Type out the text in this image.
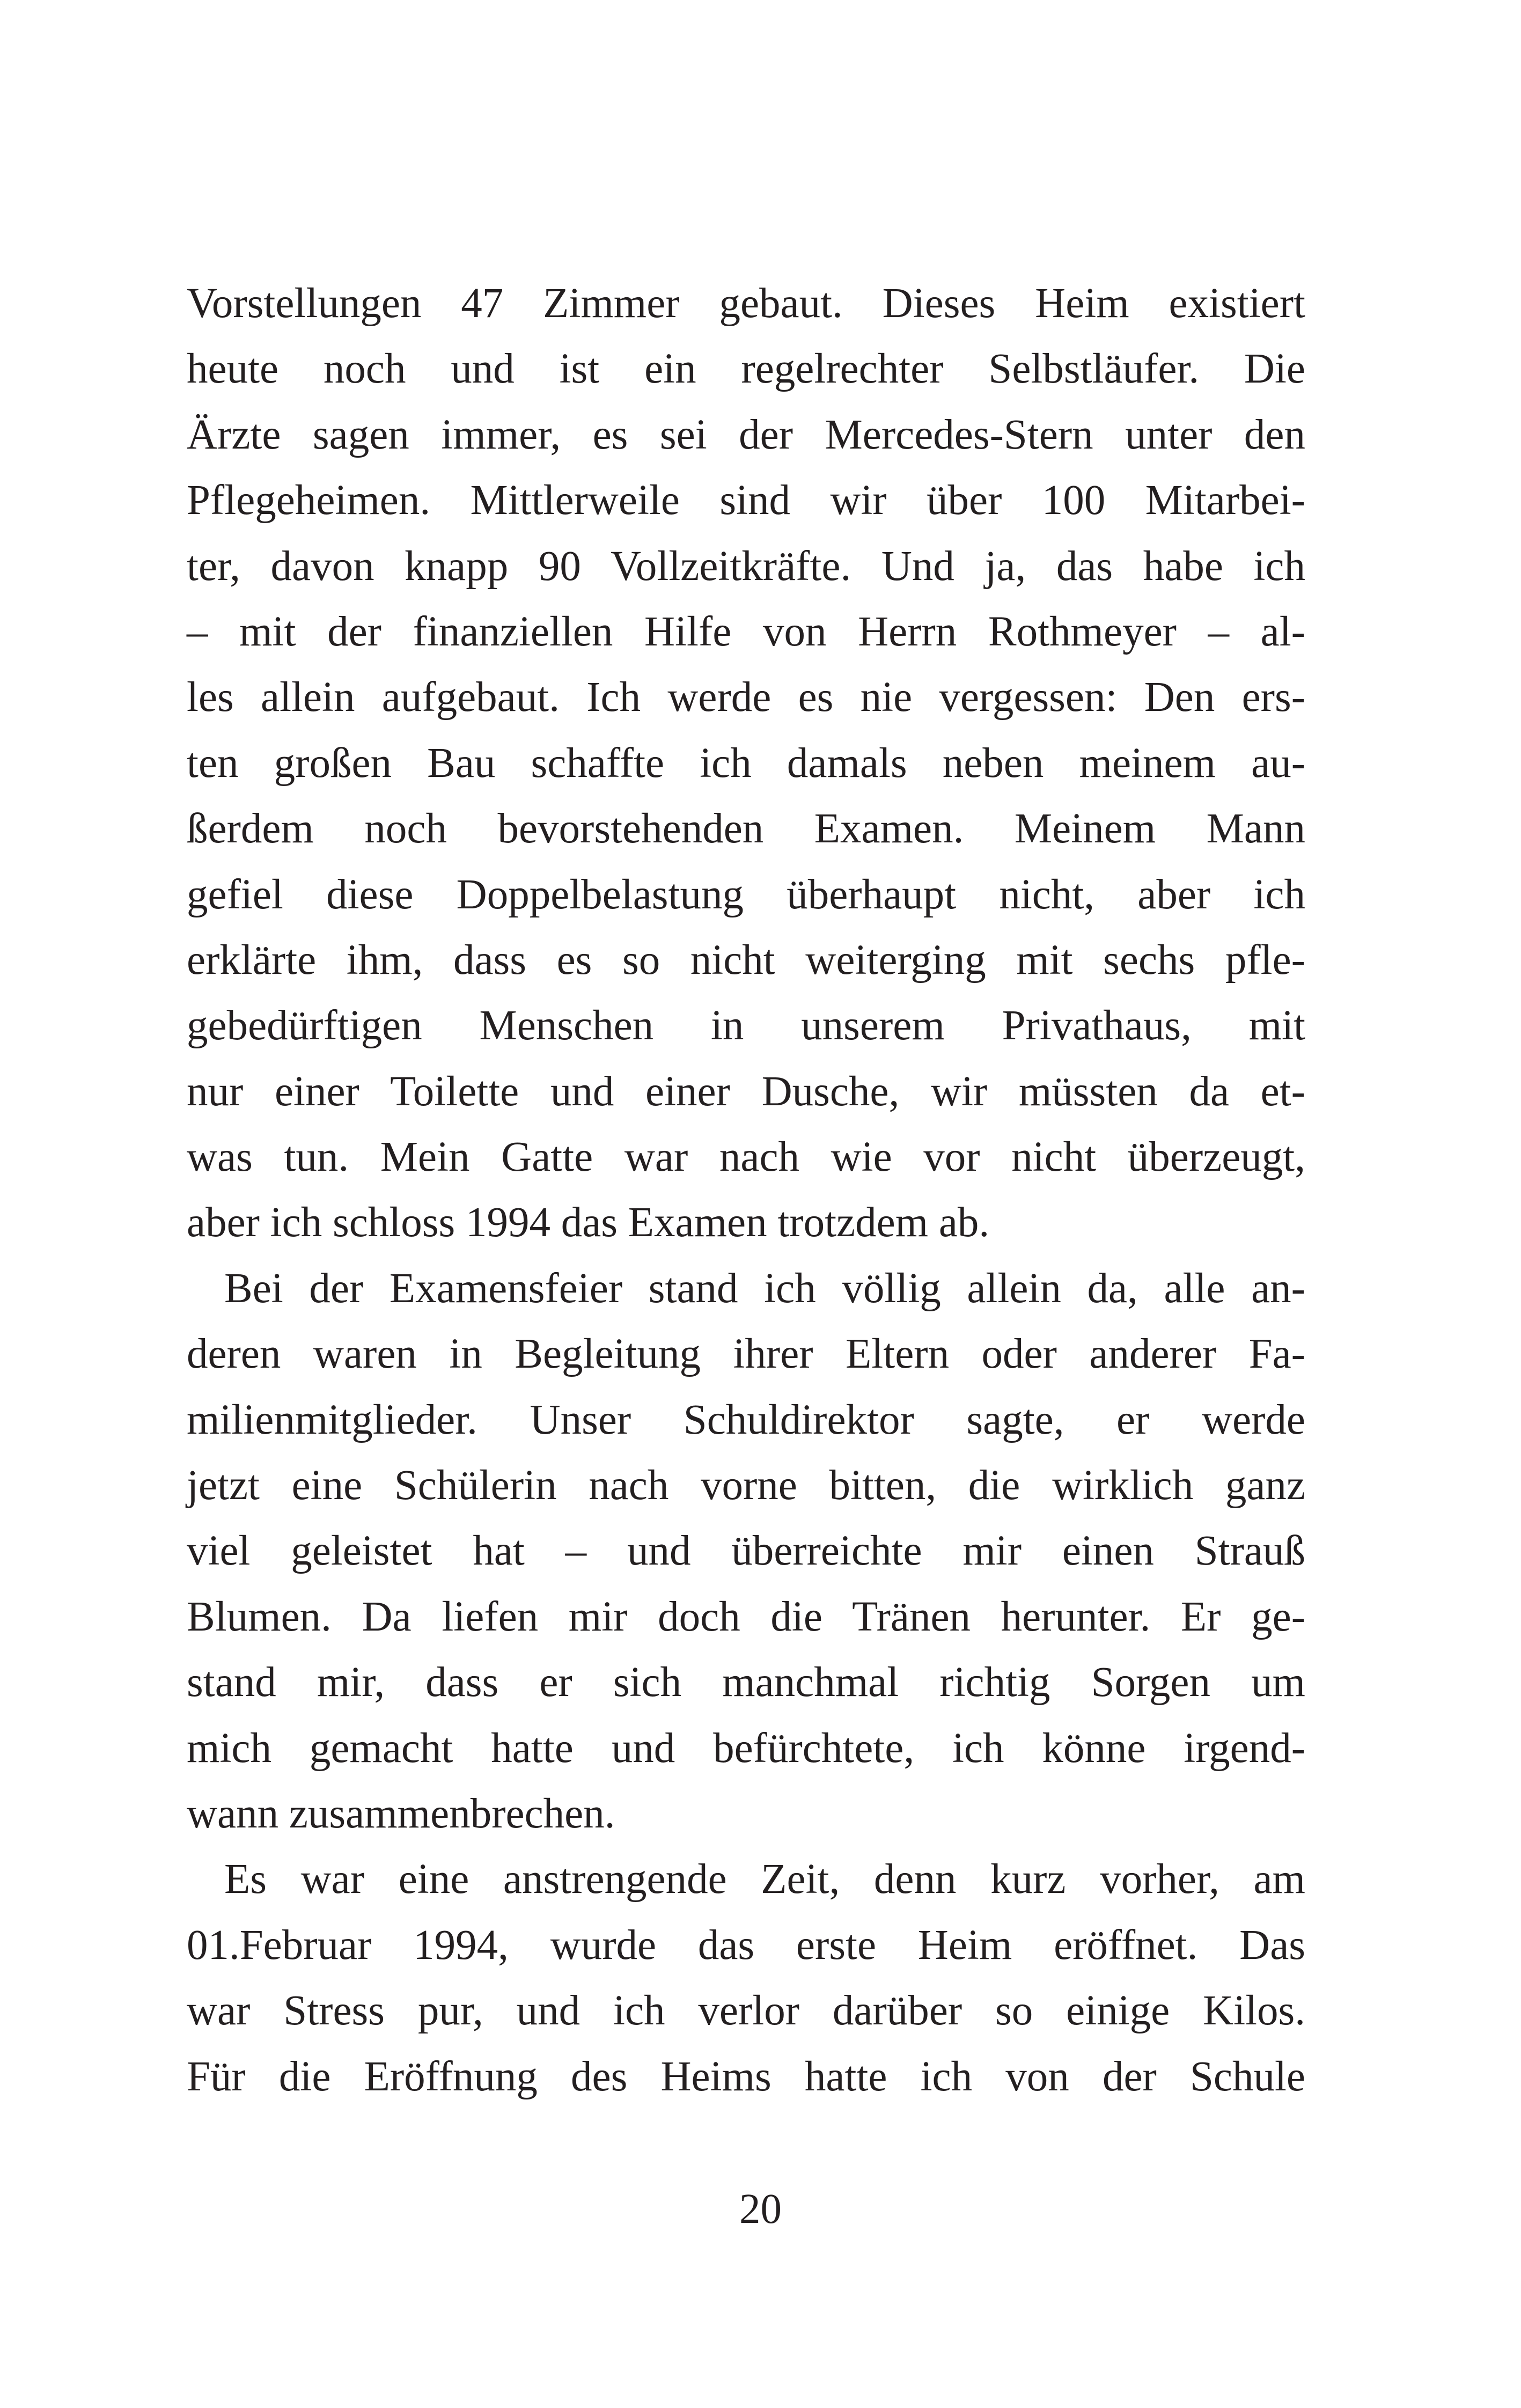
Vorstellungen 47 Zimmer gebaut. Dieses Heim existiert
heute noch und ist ein regelrechter Selbstläufer. Die
Ärzte sagen immer, es sei der Mercedes-Stern unter den
Pflegeheimen. Mittlerweile sind wir über 100 Mitarbei-
ter, davon knapp 90 Vollzeitkräfte. Und ja, das habe ich
– mit der finanziellen Hilfe von Herrn Rothmeyer – al-
les allein aufgebaut. Ich werde es nie vergessen: Den ers-
ten großen Bau schaffte ich damals neben meinem au-
ßerdem noch bevorstehenden Examen. Meinem Mann
gefiel diese Doppelbelastung überhaupt nicht, aber ich
erklärte ihm, dass es so nicht weiterging mit sechs pfle-
gebedürftigen Menschen in unserem Privathaus, mit
nur einer Toilette und einer Dusche, wir müssten da et-
was tun. Mein Gatte war nach wie vor nicht überzeugt,
aber ich schloss 1994 das Examen trotzdem ab.
Bei der Examensfeier stand ich völlig allein da, alle an-
deren waren in Begleitung ihrer Eltern oder anderer Fa-
milienmitglieder. Unser Schuldirektor sagte, er werde
jetzt eine Schülerin nach vorne bitten, die wirklich ganz
viel geleistet hat – und überreichte mir einen Strauß
Blumen. Da liefen mir doch die Tränen herunter. Er ge-
stand mir, dass er sich manchmal richtig Sorgen um
mich gemacht hatte und befürchtete, ich könne irgend-
wann zusammenbrechen.
Es war eine anstrengende Zeit, denn kurz vorher, am
01.Februar 1994, wurde das erste Heim eröffnet. Das
war Stress pur, und ich verlor darüber so einige Kilos.
Für die Eröffnung des Heims hatte ich von der Schule
20
